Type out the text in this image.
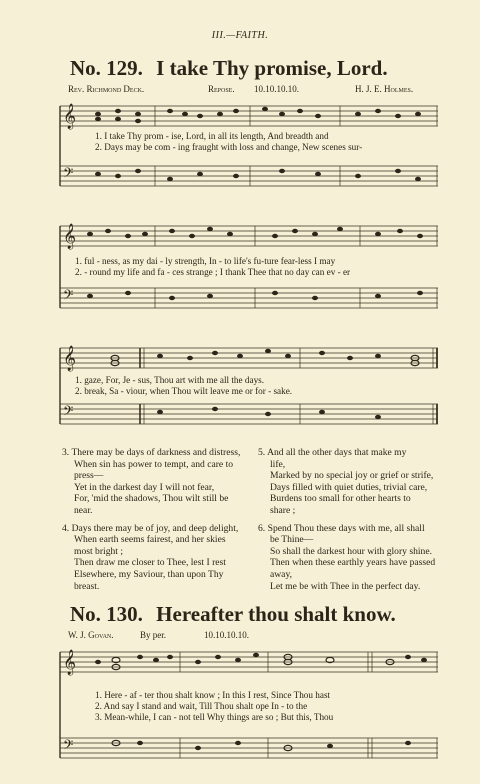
III.—FAITH.
No. 129. I take Thy promise, Lord.
Rev. Richmond Deck.	Repose. 10.10.10.10.	H. J. E. Holmes.
𝄞
𝄢
1. I take Thy prom - ise, Lord, in all its length, And breadth and
2. Days may be com - ing fraught with loss and change, New scenes sur-
𝄞
𝄢
1. ful - ness, as my dai - ly strength, In - to life's fu-ture fear-less I may
2. - round my life and fa - ces strange ; I thank Thee that no day can ev - er
𝄞
𝄢
1. gaze, For, Je - sus, Thou art with me all the days.
2. break, Sa - viour, when Thou wilt leave me or for - sake.

3. There may be days of darkness and distress,

When sin has power to tempt, and care to

press—

Yet in the darkest day I will not fear,

For, 'mid the shadows, Thou wilt still be

near.

4. Days there may be of joy, and deep delight,

When earth seems fairest, and her skies

most bright ;

Then draw me closer to Thee, lest I rest

Elsewhere, my Saviour, than upon Thy

breast.

5. And all the other days that make my

life,

Marked by no special joy or grief or strife,

Days filled with quiet duties, trivial care,

Burdens too small for other hearts to

share ;

6. Spend Thou these days with me, all shall

be Thine—

So shall the darkest hour with glory shine.

Then when these earthly years have passed

away,

Let me be with Thee in the perfect day.

No. 130. Hereafter thou shalt know.
W. J. Govan.	By per.	10.10.10.10.
𝄞
𝄢
1. Here - af - ter thou shalt know ; In this I rest, Since Thou hast
2. And say I stand and wait, Till Thou shalt ope In - to the
3. Mean-while, I can - not tell Why things are so ; But this, Thou
